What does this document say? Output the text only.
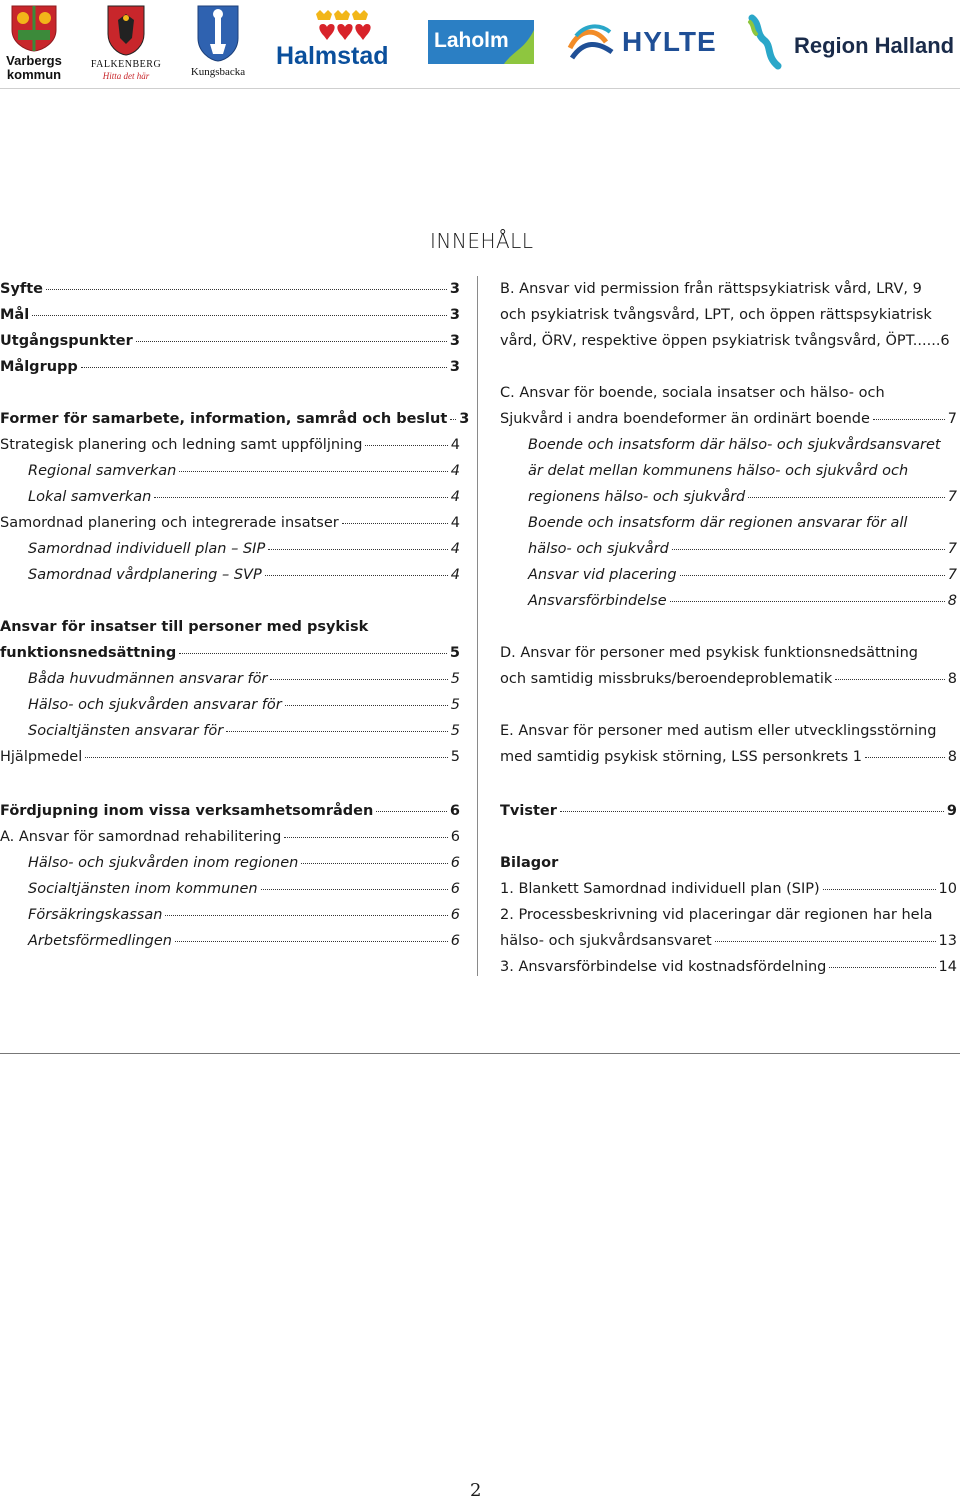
Varbergs
kommun
FALKENBERG
Hitta det här	Kungsbacka
Halmstad
Laholm	HYLTE	Region Halland
INNEHÅLL
Syfte	3
Mål	3
Utgångspunkter	3
Målgrupp	3
Former för samarbete, information, samråd och beslut 3
Strategisk planering och ledning samt uppföljning	4
Regional samverkan	4
Lokal samverkan	4
Samordnad planering och integrerade insatser	4
Samordnad individuell plan – SIP	4
Samordnad vårdplanering – SVP	4
Ansvar för insatser till personer med psykisk
funktionsnedsättning	5
Båda huvudmännen ansvarar för	5
Hälso- och sjukvården ansvarar för	5
Socialtjänsten ansvarar för	5
Hjälpmedel	5
Fördjupning inom vissa verksamhetsområden	6
A. Ansvar för samordnad rehabilitering	6
Hälso- och sjukvården inom regionen	6
Socialtjänsten inom kommunen	6
Försäkringskassan	6
Arbetsförmedlingen	6
B. Ansvar vid permission från rättspsykiatrisk vård, LRV, 9
och psykiatrisk tvångsvård, LPT, och öppen rättspsykiatrisk
vård, ÖRV, respektive öppen psykiatrisk tvångsvård, ÖPT......6
C. Ansvar för boende, sociala insatser och hälso- och
Sjukvård i andra boendeformer än ordinärt boende	7
Boende och insatsform där hälso- och sjukvårdsansvaret
är delat mellan kommunens hälso- och sjukvård och
regionens hälso- och sjukvård	7
Boende och insatsform där regionen ansvarar för all
hälso- och sjukvård	7
Ansvar vid placering	7
Ansvarsförbindelse	8
D. Ansvar för personer med psykisk funktionsnedsättning
och samtidig missbruks/beroendeproblematik	8
E. Ansvar för personer med autism eller utvecklingsstörning
med samtidig psykisk störning, LSS personkrets 1	8
Tvister	9
Bilagor
1. Blankett Samordnad individuell plan (SIP)	10
2. Processbeskrivning vid placeringar där regionen har hela
hälso- och sjukvårdsansvaret	13
3. Ansvarsförbindelse vid kostnadsfördelning	14
2
